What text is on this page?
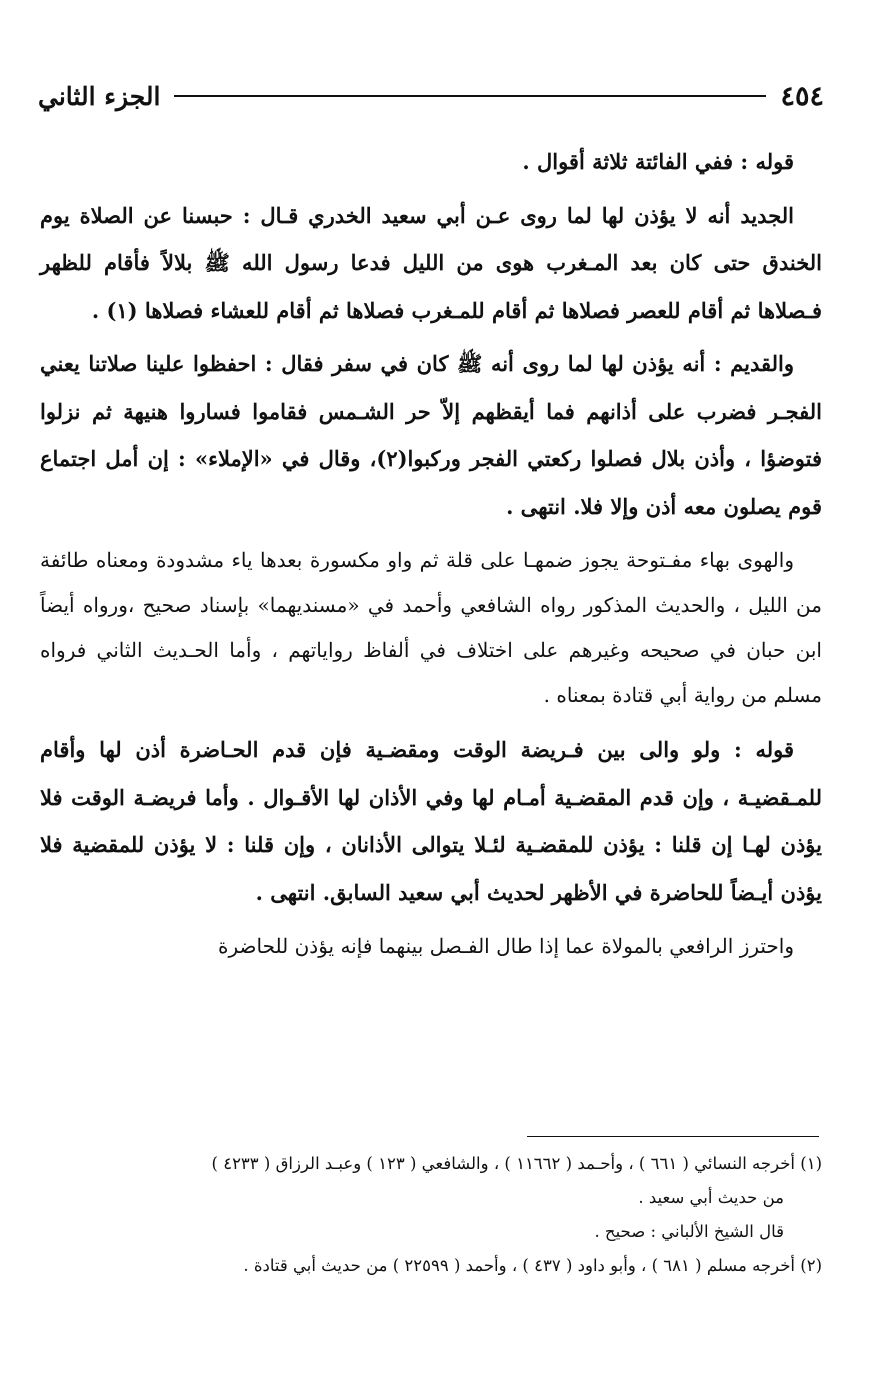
٤٥٤
الجزء الثاني

قوله : ففي الفائتة ثلاثة أقوال .

الجديد أنه لا يؤذن لها لما روى عـن أبي سعيد الخدري قـال : حبسنا عن الصلاة يوم الخندق حتى كان بعد المـغرب هوى من الليل فدعا رسول الله ﷺ بلالاً فأقام للظهر فـصلاها ثم أقام للعصر فصلاها ثم أقام للمـغرب فصلاها ثم أقام للعشاء فصلاها (١) .

والقديم : أنه يؤذن لها لما روى أنه ﷺ كان في سفر فقال : احفظوا علينا صلاتنا يعني الفجـر فضرب على أذانهم فما أيقظهم إلاّ حر الشـمس فقاموا فساروا هنيهة ثم نزلوا فتوضؤا ، وأذن بلال فصلوا ركعتي الفجر وركبوا(٢)، وقال في «الإملاء» : إن أمل اجتماع قوم يصلون معه أذن وإلا فلا. انتهى .

والهوى بهاء مفـتوحة يجوز ضمهـا على قلة ثم واو مكسورة بعدها ياء مشدودة ومعناه طائفة من الليل ، والحديث المذكور رواه الشافعي وأحمد في «مسنديهما» بإسناد صحيح ،ورواه أيضاً ابن حبان في صحيحه وغيرهم على اختلاف في ألفاظ رواياتهم ، وأما الحـديث الثاني فرواه مسلم من رواية أبي قتادة بمعناه .

قوله : ولو والى بين فـريضة الوقت ومقضـية فإن قدم الحـاضرة أذن لها وأقام للمـقضيـة ، وإن قدم المقضـية أمـام لها وفي الأذان لها الأقـوال . وأما فريضـة الوقت فلا يؤذن لهـا إن قلنا : يؤذن للمقضـية لئـلا يتوالى الأذانان ، وإن قلنا : لا يؤذن للمقضية فلا يؤذن أيـضاً للحاضرة في الأظهر لحديث أبي سعيد السابق. انتهى .

واحترز الرافعي بالمولاة عما إذا طال الفـصل بينهما فإنه يؤذن للحاضرة

(١) أخرجه النسائي ( ٦٦١ ) ، وأحـمد ( ١١٦٦٢ ) ، والشافعي ( ١٢٣ ) وعبـد الرزاق ( ٤٢٣٣ )

من حديث أبي سعيد .

قال الشيخ الألباني : صحيح .

(٢) أخرجه مسلم ( ٦٨١ ) ، وأبو داود ( ٤٣٧ ) ، وأحمد ( ٢٢٥٩٩ ) من حديث أبي قتادة .
